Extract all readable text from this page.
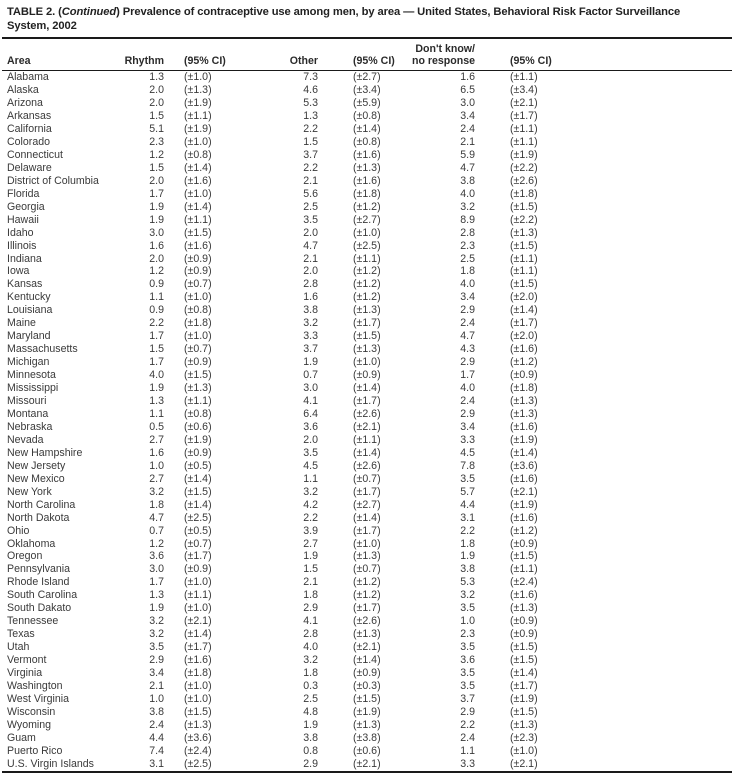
TABLE 2. (Continued) Prevalence of contraceptive use among men, by area — United States, Behavioral Risk Factor Surveillance System, 2002
Area	Rhythm	(95% CI)	Other	(95% CI)	Don't know/
no response	(95% CI)	
Alabama	1.3	(±1.0)	7.3	(±2.7)	1.6	(±1.1)	
Alaska	2.0	(±1.3)	4.6	(±3.4)	6.5	(±3.4)	
Arizona	2.0	(±1.9)	5.3	(±5.9)	3.0	(±2.1)	
Arkansas	1.5	(±1.1)	1.3	(±0.8)	3.4	(±1.7)	
California	5.1	(±1.9)	2.2	(±1.4)	2.4	(±1.1)	
Colorado	2.3	(±1.0)	1.5	(±0.8)	2.1	(±1.1)	
Connecticut	1.2	(±0.8)	3.7	(±1.6)	5.9	(±1.9)	
Delaware	1.5	(±1.4)	2.2	(±1.3)	4.7	(±2.2)	
District of Columbia	2.0	(±1.6)	2.1	(±1.6)	3.8	(±2.6)	
Florida	1.7	(±1.0)	5.6	(±1.8)	4.0	(±1.8)	
Georgia	1.9	(±1.4)	2.5	(±1.2)	3.2	(±1.5)	
Hawaii	1.9	(±1.1)	3.5	(±2.7)	8.9	(±2.2)	
Idaho	3.0	(±1.5)	2.0	(±1.0)	2.8	(±1.3)	
Illinois	1.6	(±1.6)	4.7	(±2.5)	2.3	(±1.5)	
Indiana	2.0	(±0.9)	2.1	(±1.1)	2.5	(±1.1)	
Iowa	1.2	(±0.9)	2.0	(±1.2)	1.8	(±1.1)	
Kansas	0.9	(±0.7)	2.8	(±1.2)	4.0	(±1.5)	
Kentucky	1.1	(±1.0)	1.6	(±1.2)	3.4	(±2.0)	
Louisiana	0.9	(±0.8)	3.8	(±1.3)	2.9	(±1.4)	
Maine	2.2	(±1.8)	3.2	(±1.7)	2.4	(±1.7)	
Maryland	1.7	(±1.0)	3.3	(±1.5)	4.7	(±2.0)	
Massachusetts	1.5	(±0.7)	3.7	(±1.3)	4.3	(±1.6)	
Michigan	1.7	(±0.9)	1.9	(±1.0)	2.9	(±1.2)	
Minnesota	4.0	(±1.5)	0.7	(±0.9)	1.7	(±0.9)	
Mississippi	1.9	(±1.3)	3.0	(±1.4)	4.0	(±1.8)	
Missouri	1.3	(±1.1)	4.1	(±1.7)	2.4	(±1.3)	
Montana	1.1	(±0.8)	6.4	(±2.6)	2.9	(±1.3)	
Nebraska	0.5	(±0.6)	3.6	(±2.1)	3.4	(±1.6)	
Nevada	2.7	(±1.9)	2.0	(±1.1)	3.3	(±1.9)	
New Hampshire	1.6	(±0.9)	3.5	(±1.4)	4.5	(±1.4)	
New Jersety	1.0	(±0.5)	4.5	(±2.6)	7.8	(±3.6)	
New Mexico	2.7	(±1.4)	1.1	(±0.7)	3.5	(±1.6)	
New York	3.2	(±1.5)	3.2	(±1.7)	5.7	(±2.1)	
North Carolina	1.8	(±1.4)	4.2	(±2.7)	4.4	(±1.9)	
North Dakota	4.7	(±2.5)	2.2	(±1.4)	3.1	(±1.6)	
Ohio	0.7	(±0.5)	3.9	(±1.7)	2.2	(±1.2)	
Oklahoma	1.2	(±0.7)	2.7	(±1.0)	1.8	(±0.9)	
Oregon	3.6	(±1.7)	1.9	(±1.3)	1.9	(±1.5)	
Pennsylvania	3.0	(±0.9)	1.5	(±0.7)	3.8	(±1.1)	
Rhode Island	1.7	(±1.0)	2.1	(±1.2)	5.3	(±2.4)	
South Carolina	1.3	(±1.1)	1.8	(±1.2)	3.2	(±1.6)	
South Dakato	1.9	(±1.0)	2.9	(±1.7)	3.5	(±1.3)	
Tennessee	3.2	(±2.1)	4.1	(±2.6)	1.0	(±0.9)	
Texas	3.2	(±1.4)	2.8	(±1.3)	2.3	(±0.9)	
Utah	3.5	(±1.7)	4.0	(±2.1)	3.5	(±1.5)	
Vermont	2.9	(±1.6)	3.2	(±1.4)	3.6	(±1.5)	
Virginia	3.4	(±1.8)	1.8	(±0.9)	3.5	(±1.4)	
Washington	2.1	(±1.0)	0.3	(±0.3)	3.5	(±1.7)	
West Virginia	1.0	(±1.0)	2.5	(±1.5)	3.7	(±1.9)	
Wisconsin	3.8	(±1.5)	4.8	(±1.9)	2.9	(±1.5)	
Wyoming	2.4	(±1.3)	1.9	(±1.3)	2.2	(±1.3)	
Guam	4.4	(±3.6)	3.8	(±3.8)	2.4	(±2.3)	
Puerto Rico	7.4	(±2.4)	0.8	(±0.6)	1.1	(±1.0)	
U.S. Virgin Islands	3.1	(±2.5)	2.9	(±2.1)	3.3	(±2.1)	
